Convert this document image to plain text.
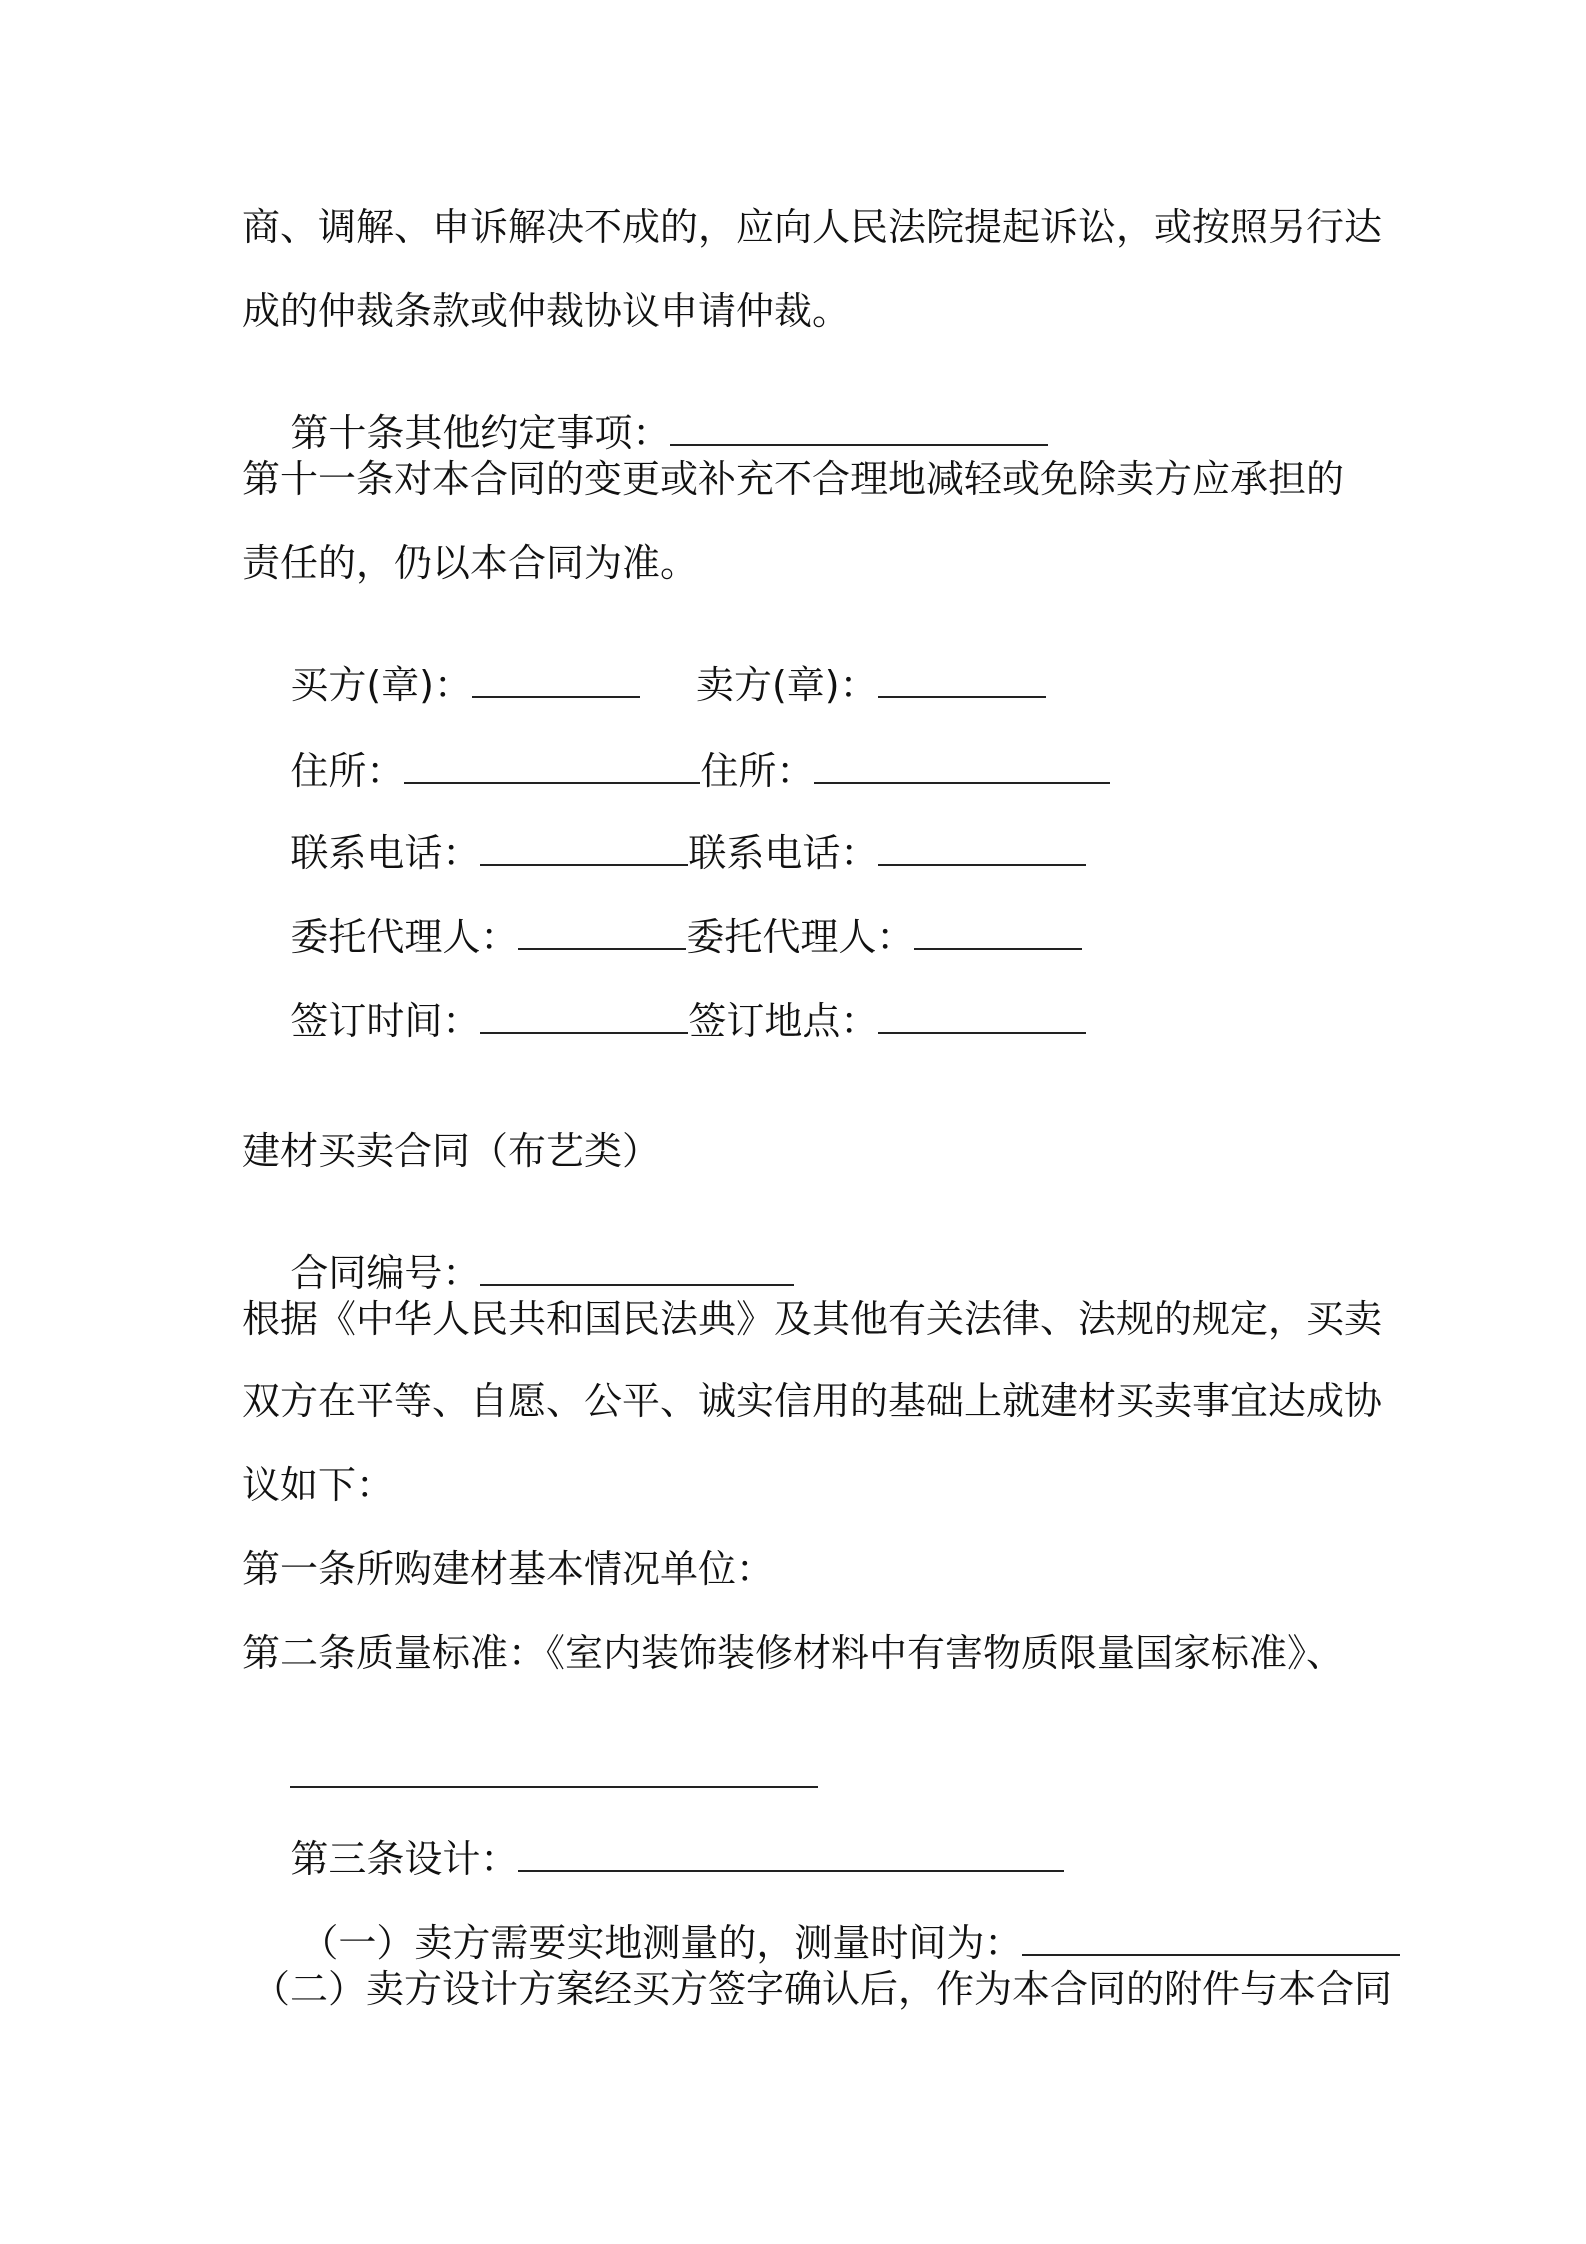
商、调解、申诉解决不成的，应向人民法院提起诉讼，或按照另行达
成的仲裁条款或仲裁协议申请仲裁。

第十条其他约定事项：

第十一条对本合同的变更或补充不合理地减轻或免除卖方应承担的
责任的，仍以本合同为准。

买方(章)：	卖方(章)：

住所：	住所：

联系电话：	联系电话：

委托代理人：	委托代理人：

签订时间：	签订地点：

建材买卖合同（布艺类）

合同编号：

根据《中华人民共和国民法典》及其他有关法律、法规的规定，买卖
双方在平等、自愿、公平、诚实信用的基础上就建材买卖事宜达成协
议如下：
第一条所购建材基本情况单位：
第二条质量标准：《室内装饰装修材料中有害物质限量国家标准》、

第三条设计：

（一）卖方需要实地测量的，测量时间为：

（二）卖方设计方案经买方签字确认后，作为本合同的附件与本合同
